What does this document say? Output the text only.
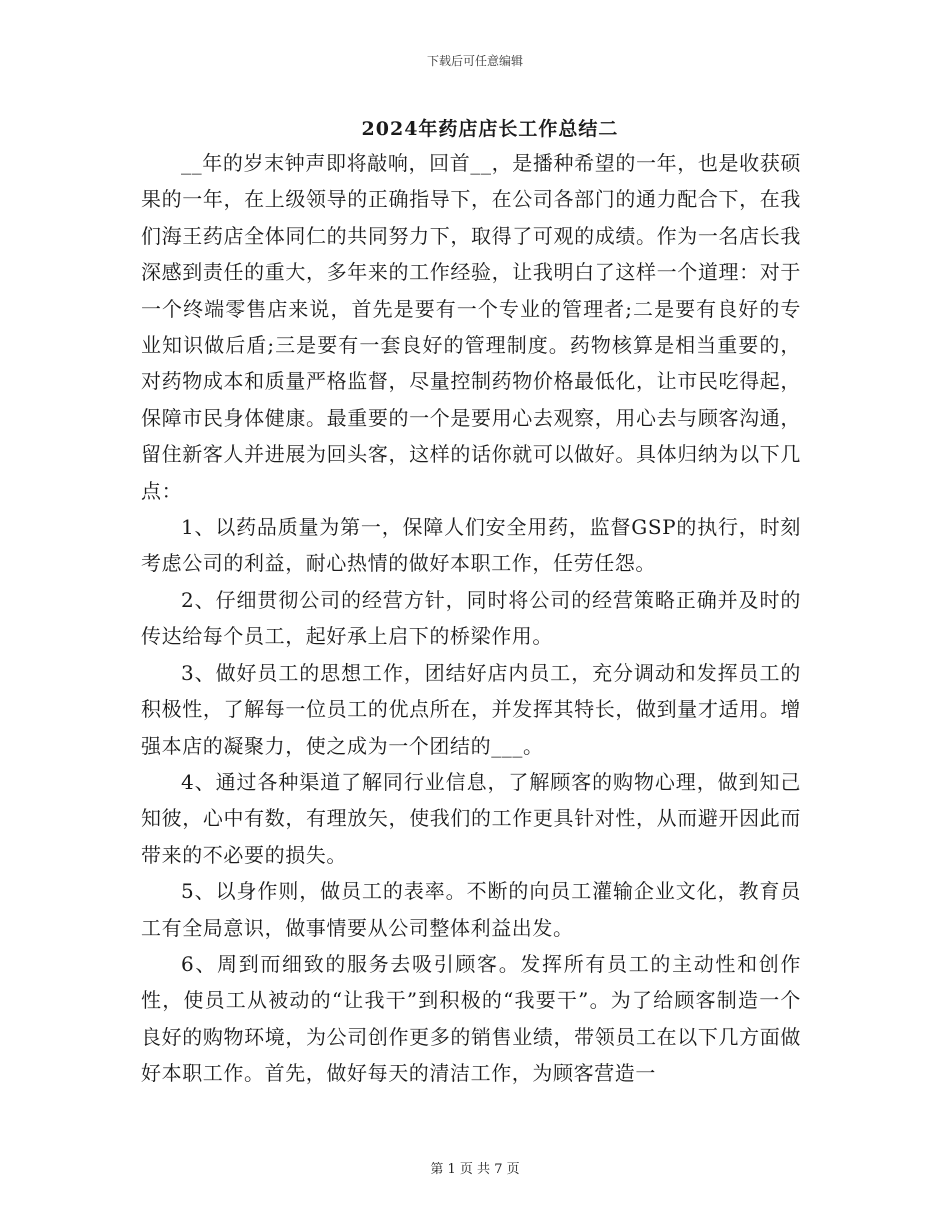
下载后可任意编辑
2024年药店店长工作总结二

__年的岁末钟声即将敲响，回首__，是播种希望的一年，也是收获硕果的一年，在上级领导的正确指导下，在公司各部门的通力配合下，在我们海王药店全体同仁的共同努力下，取得了可观的成绩。作为一名店长我深感到责任的重大，多年来的工作经验，让我明白了这样一个道理：对于一个终端零售店来说，首先是要有一个专业的管理者;二是要有良好的专业知识做后盾;三是要有一套良好的管理制度。药物核算是相当重要的，对药物成本和质量严格监督，尽量控制药物价格最低化，让市民吃得起，保障市民身体健康。最重要的一个是要用心去观察，用心去与顾客沟通，留住新客人并进展为回头客，这样的话你就可以做好。具体归纳为以下几点：

1、以药品质量为第一，保障人们安全用药，监督GSP的执行，时刻考虑公司的利益，耐心热情的做好本职工作，任劳任怨。

2、仔细贯彻公司的经营方针，同时将公司的经营策略正确并及时的传达给每个员工，起好承上启下的桥梁作用。

3、做好员工的思想工作，团结好店内员工，充分调动和发挥员工的积极性，了解每一位员工的优点所在，并发挥其特长，做到量才适用。增强本店的凝聚力，使之成为一个团结的___。

4、通过各种渠道了解同行业信息，了解顾客的购物心理，做到知己知彼，心中有数，有理放矢，使我们的工作更具针对性，从而避开因此而带来的不必要的损失。

5、以身作则，做员工的表率。不断的向员工灌输企业文化，教育员工有全局意识，做事情要从公司整体利益出发。

6、周到而细致的服务去吸引顾客。发挥所有员工的主动性和创作性，使员工从被动的“让我干”到积极的“我要干”。为了给顾客制造一个良好的购物环境，为公司创作更多的销售业绩，带领员工在以下几方面做好本职工作。首先，做好每天的清洁工作，为顾客营造一

第 1 页 共 7 页
